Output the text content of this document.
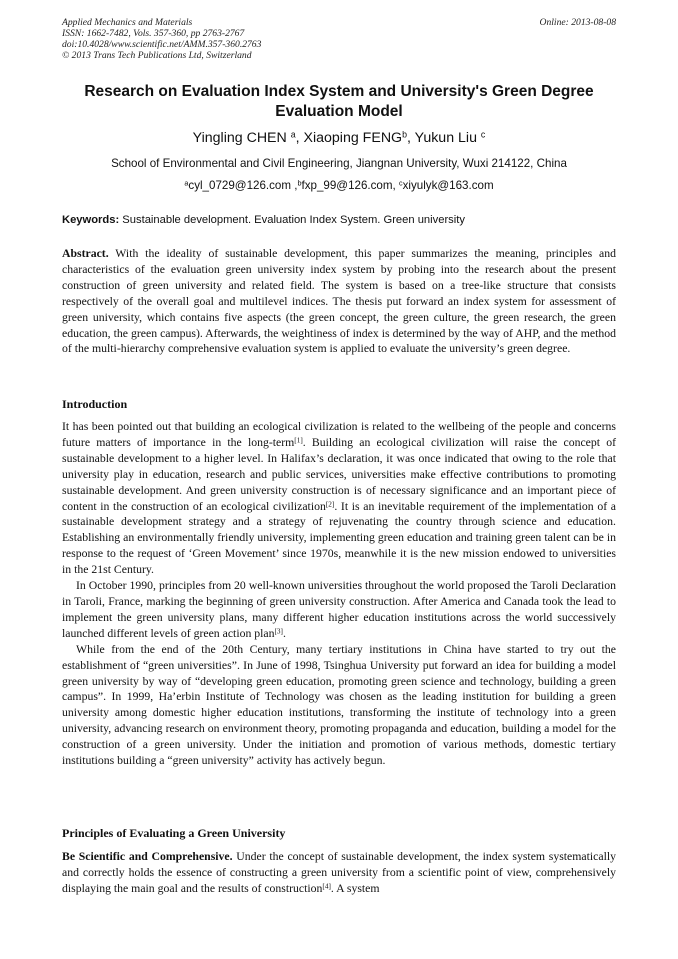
Applied Mechanics and Materials
ISSN: 1662-7482, Vols. 357-360, pp 2763-2767
doi:10.4028/www.scientific.net/AMM.357-360.2763
© 2013 Trans Tech Publications Ltd, Switzerland
Online: 2013-08-08
Research on Evaluation Index System and University's Green Degree
Evaluation Model
Yingling CHEN $^a$, Xiaoping FENG$^b$, Yukun Liu $^c$
School of Environmental and Civil Engineering, Jiangnan University, Wuxi 214122, China
$^a$cyl_0729@126.com ,$^b$fxp_99@126.com, $^c$xiyulyk@163.com
Keywords: Sustainable development. Evaluation Index System. Green university

Abstract. With the ideality of sustainable development, this paper summarizes the meaning, principles and characteristics of the evaluation green university index system by probing into the research about the present construction of green university and related field. The system is based on a tree-like structure that consists respectively of the overall goal and multilevel indices. The thesis put forward an index system for assessment of green university, which contains five aspects (the green concept, the green culture, the green research, the green education, the green campus). Afterwards, the weightiness of index is determined by the way of AHP, and the method of the multi-hierarchy comprehensive evaluation system is applied to evaluate the university’s green degree.

Introduction

It has been pointed out that building an ecological civilization is related to the wellbeing of the people and concerns future matters of importance in the long-term[1]. Building an ecological civilization will raise the concept of sustainable development to a higher level. In Halifax’s declaration, it was once indicated that owing to the role that university play in education, research and public services, universities make effective contributions to promoting sustainable development. And green university construction is of necessary significance and an important piece of content in the construction of an ecological civilization[2]. It is an inevitable requirement of the implementation of a sustainable development strategy and a strategy of rejuvenating the country through science and education. Establishing an environmentally friendly university, implementing green education and training green talent can be in response to the request of ‘Green Movement’ since 1970s, meanwhile it is the new mission endowed to universities in the 21st Century.

In October 1990, principles from 20 well-known universities throughout the world proposed the Taroli Declaration in Taroli, France, marking the beginning of green university construction. After America and Canada took the lead to implement the green university plans, many different higher education institutions across the world successively launched different levels of green action plan[3].

While from the end of the 20th Century, many tertiary institutions in China have started to try out the establishment of “green universities”. In June of 1998, Tsinghua University put forward an idea for building a model green university by way of “developing green education, promoting green science and technology, building a green campus”. In 1999, Ha’erbin Institute of Technology was chosen as the leading institution for building a green university among domestic higher education institutions, transforming the institute of technology into a green university, advancing research on environment theory, promoting propaganda and education, building a model for the construction of a green university. Under the initiation and promotion of various methods, domestic tertiary institutions building a “green university” activity has actively begun.

Principles of Evaluating a Green University

Be Scientific and Comprehensive. Under the concept of sustainable development, the index system systematically and correctly holds the essence of constructing a green university from a scientific point of view, comprehensively displaying the main goal and the results of construction[4]. A system
